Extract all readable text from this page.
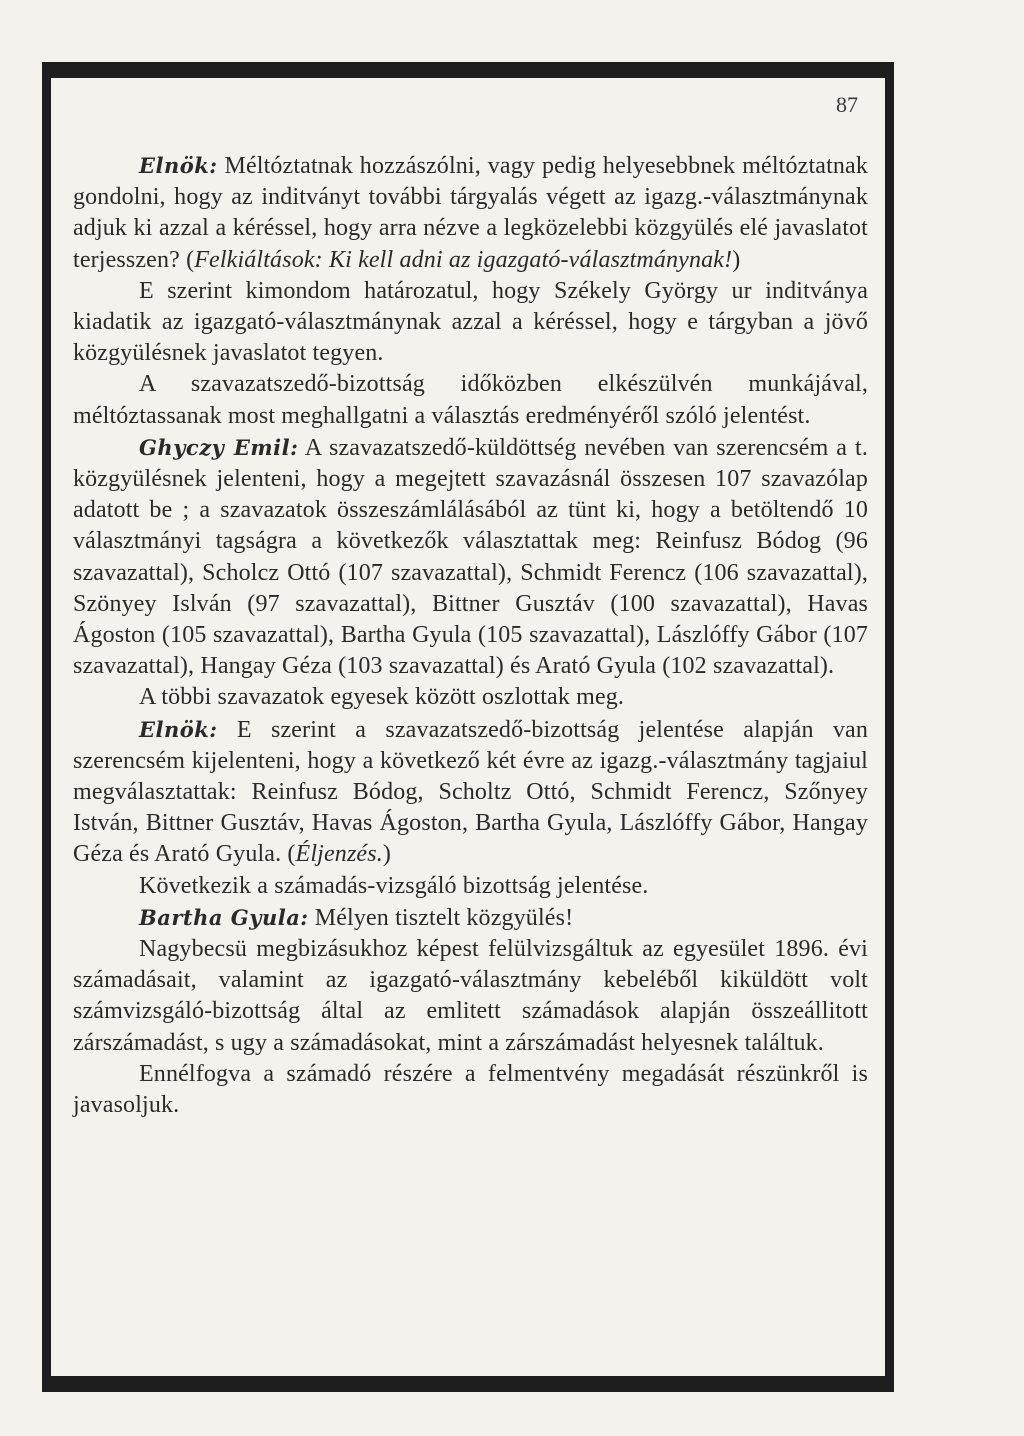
87

Elnök: Méltóztatnak hozzászólni, vagy pedig helyesebbnek méltóztatnak gondolni, hogy az inditványt további tárgyalás végett az igazg.-választmánynak adjuk ki azzal a kéréssel, hogy arra nézve a legközelebbi közgyülés elé javaslatot terjesszen? (Felkiáltások: Ki kell adni az igazgató-választmánynak!)

E szerint kimondom határozatul, hogy Székely György ur inditványa kiadatik az igazgató-választmánynak azzal a kéréssel, hogy e tárgyban a jövő közgyülésnek javaslatot tegyen.

A szavazatszedő-bizottság időközben elkészülvén munkájával, méltóztassanak most meghallgatni a választás eredményéről szóló jelentést.

Ghyczy Emil: A szavazatszedő-küldöttség nevében van szerencsém a t. közgyülésnek jelenteni, hogy a megejtett szavazásnál összesen 107 szavazólap adatott be ; a szavazatok összeszámlálásából az tünt ki, hogy a betöltendő 10 választmányi tagságra a következők választattak meg: Reinfusz Bódog (96 szavazattal), Scholcz Ottó (107 szavazattal), Schmidt Ferencz (106 szavazattal), Szönyey Islván (97 szavazattal), Bittner Gusztáv (100 szavazattal), Havas Ágoston (105 szavazattal), Bartha Gyula (105 szavazattal), Lászlóffy Gábor (107 szavazattal), Hangay Géza (103 szavazattal) és Arató Gyula (102 szavazattal).

A többi szavazatok egyesek között oszlottak meg.

Elnök: E szerint a szavazatszedő-bizottság jelentése alapján van szerencsém kijelenteni, hogy a következő két évre az igazg.-választmány tagjaiul megválasztattak: Reinfusz Bódog, Scholtz Ottó, Schmidt Ferencz, Szőnyey István, Bittner Gusztáv, Havas Ágoston, Bartha Gyula, Lászlóffy Gábor, Hangay Géza és Arató Gyula. (Éljenzés.)

Következik a számadás-vizsgáló bizottság jelentése.

Bartha Gyula: Mélyen tisztelt közgyülés!

Nagybecsü megbizásukhoz képest felülvizsgáltuk az egyesület 1896. évi számadásait, valamint az igazgató-választmány kebeléből kiküldött volt számvizsgáló-bizottság által az emlitett számadások alapján összeállitott zárszámadást, s ugy a számadásokat, mint a zárszámadást helyesnek találtuk.

Ennélfogva a számadó részére a felmentvény megadását részünkről is javasoljuk.
